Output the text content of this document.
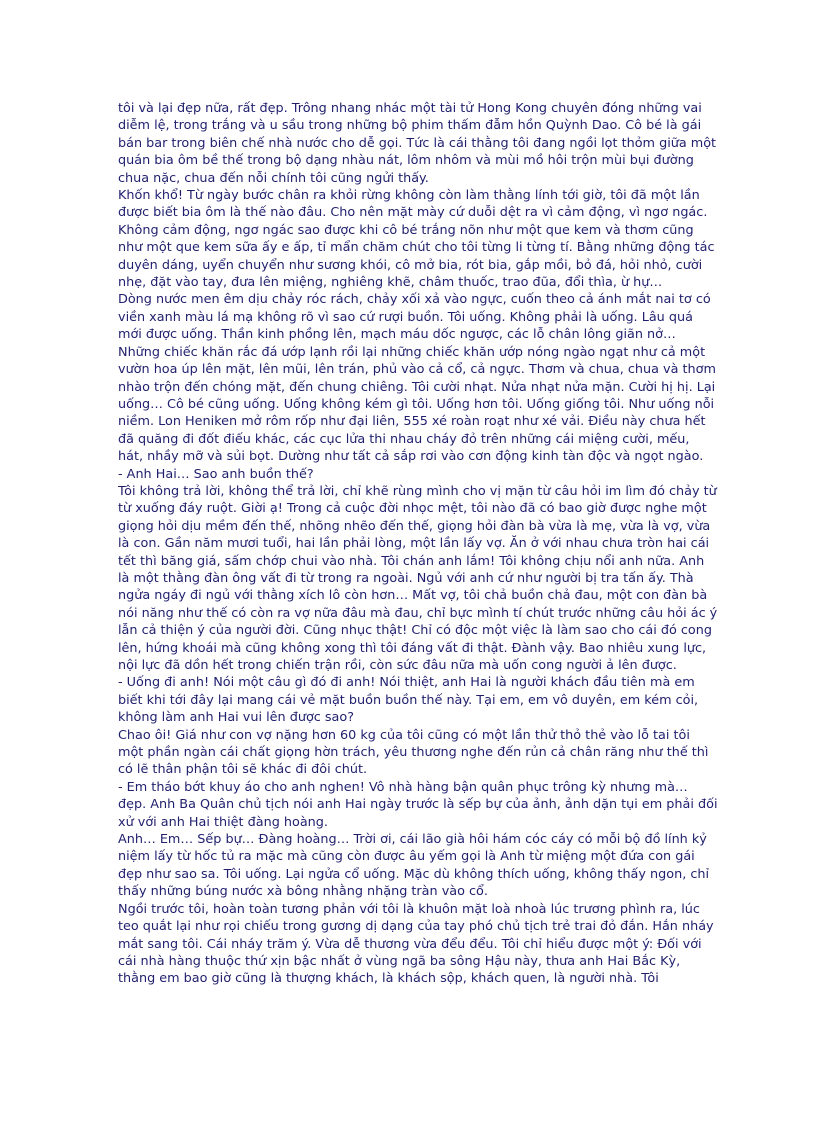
tôi và lại đẹp nữa, rất đẹp. Trông nhang nhác một tài tử Hong Kong chuyên đóng những vai diễm lệ, trong trắng và u sầu trong những bộ phim thấm đẫm hồn Quỳnh Dao. Cô bé là gái bán bar trong biên chế nhà nước cho dễ gọi. Tức là cái thằng tôi đang ngồi lọt thỏm giữa một quán bia ôm bề thế trong bộ dạng nhàu nát, lôm nhôm và mùi mồ hôi trộn mùi bụi đường chua nặc, chua đến nỗi chính tôi cũng ngửi thấy.

Khốn khổ! Từ ngày bước chân ra khỏi rừng không còn làm thằng lính tới giờ, tôi đã một lần được biết bia ôm là thế nào đâu. Cho nên mặt mày cứ duỗi dệt ra vì cảm động, vì ngơ ngác. Không cảm động, ngơ ngác sao được khi cô bé trắng nõn như một que kem và thơm cũng như một que kem sữa ấy e ấp, tỉ mẩn chăm chút cho tôi từng li từng tí. Bằng những động tác duyên dáng, uyển chuyển như sương khói, cô mở bia, rót bia, gắp mồi, bỏ đá, hỏi nhỏ, cười nhẹ, đặt vào tay, đưa lên miệng, nghiêng khẽ, châm thuốc, trao đũa, đổi thìa, ừ hự…

Dòng nước men êm dịu chảy róc rách, chảy xối xả vào ngực, cuốn theo cả ánh mắt nai tơ có viền xanh màu lá mạ không rõ vì sao cứ rượi buồn. Tôi uống. Không phải là uống. Lâu quá mới được uống. Thần kinh phồng lên, mạch máu dốc ngược, các lỗ chân lông giãn nở…

Những chiếc khăn rắc đá ướp lạnh rồi lại những chiếc khăn ướp nóng ngào ngạt như cả một vườn hoa úp lên mặt, lên mũi, lên trán, phủ vào cả cổ, cả ngực. Thơm và chua, chua và thơm nhào trộn đến chóng mặt, đến chung chiêng. Tôi cười nhạt. Nửa nhạt nửa mặn. Cười hị hị. Lại uống… Cô bé cũng uống. Uống không kém gì tôi. Uống hơn tôi. Uống giống tôi. Như uống nỗi niềm. Lon Heniken mở rôm rốp như đại liên, 555 xé roàn roạt như xé vải. Điều này chưa hết đã quăng đi đốt điếu khác, các cục lửa thi nhau cháy đỏ trên những cái miệng cười, mếu, hát, nhầy mỡ và sủi bọt. Dường như tất cả sắp rơi vào cơn động kinh tàn độc và ngọt ngào.

- Anh Hai… Sao anh buồn thế?

Tôi không trả lời, không thể trả lời, chỉ khẽ rùng mình cho vị mặn từ câu hỏi im lìm đó chảy từ từ xuống đáy ruột. Giời ạ! Trong cả cuộc đời nhọc mệt, tôi nào đã có bao giờ được nghe một giọng hỏi dịu mềm đến thế, nhõng nhẽo đến thế, giọng hỏi đàn bà vừa là mẹ, vừa là vợ, vừa là con. Gần năm mươi tuổi, hai lần phải lòng, một lần lấy vợ. Ăn ở với nhau chưa tròn hai cái tết thì băng giá, sấm chớp chui vào nhà. Tôi chán anh lắm! Tôi không chịu nổi anh nữa. Anh là một thằng đàn ông vất đi từ trong ra ngoài. Ngủ với anh cứ như người bị tra tấn ấy. Thà ngửa ngáy đi ngủ với thằng xích lô còn hơn… Mất vợ, tôi chả buồn chả đau, một con đàn bà nói năng như thế có còn ra vợ nữa đâu mà đau, chỉ bực mình tí chút trước những câu hỏi ác ý lẫn cả thiện ý của người đời. Cũng nhục thật! Chỉ có độc một việc là làm sao cho cái đó cong lên, hứng khoái mà cũng không xong thì tôi đáng vất đi thật. Đành vậy. Bao nhiêu xung lực, nội lực đã dồn hết trong chiến trận rồi, còn sức đâu nữa mà uốn cong người ả lên được.

- Uống đi anh! Nói một câu gì đó đi anh! Nói thiệt, anh Hai là người khách đầu tiên mà em biết khi tới đây lại mang cái vẻ mặt buồn buồn thế này. Tại em, em vô duyên, em kém cỏi, không làm anh Hai vui lên được sao?

Chao ôi! Giá như con vợ nặng hơn 60 kg của tôi cũng có một lần thử thỏ thẻ vào lỗ tai tôi một phần ngàn cái chất giọng hờn trách, yêu thương nghe đến rủn cả chân răng như thế thì có lẽ thân phận tôi sẽ khác đi đôi chút.

- Em tháo bớt khuy áo cho anh nghen! Vô nhà hàng bận quân phục trông kỳ nhưng mà… đẹp. Anh Ba Quân chủ tịch nói anh Hai ngày trước là sếp bự của ảnh, ảnh dặn tụi em phải đối xử với anh Hai thiệt đàng hoàng.

Anh… Em… Sếp bự… Đàng hoàng… Trời ơi, cái lão già hôi hám cóc cáy có mỗi bộ đồ lính kỷ niệm lấy từ hốc tủ ra mặc mà cũng còn được âu yếm gọi là Anh từ miệng một đứa con gái đẹp như sao sa. Tôi uống. Lại ngửa cổ uống. Mặc dù không thích uống, không thấy ngon, chỉ thấy những búng nước xà bông nhằng nhặng tràn vào cổ.

Ngồi trước tôi, hoàn toàn tương phản với tôi là khuôn mặt loà nhoà lúc trương phình ra, lúc teo quắt lại như rọi chiếu trong gương dị dạng của tay phó chủ tịch trẻ trai đỏ đắn. Hắn nháy mắt sang tôi. Cái nháy trăm ý. Vừa dễ thương vừa đểu đểu. Tôi chỉ hiểu được một ý: Đối với cái nhà hàng thuộc thứ xịn bậc nhất ở vùng ngã ba sông Hậu này, thưa anh Hai Bắc Kỳ, thằng em bao giờ cũng là thượng khách, là khách sộp, khách quen, là người nhà. Tôi
